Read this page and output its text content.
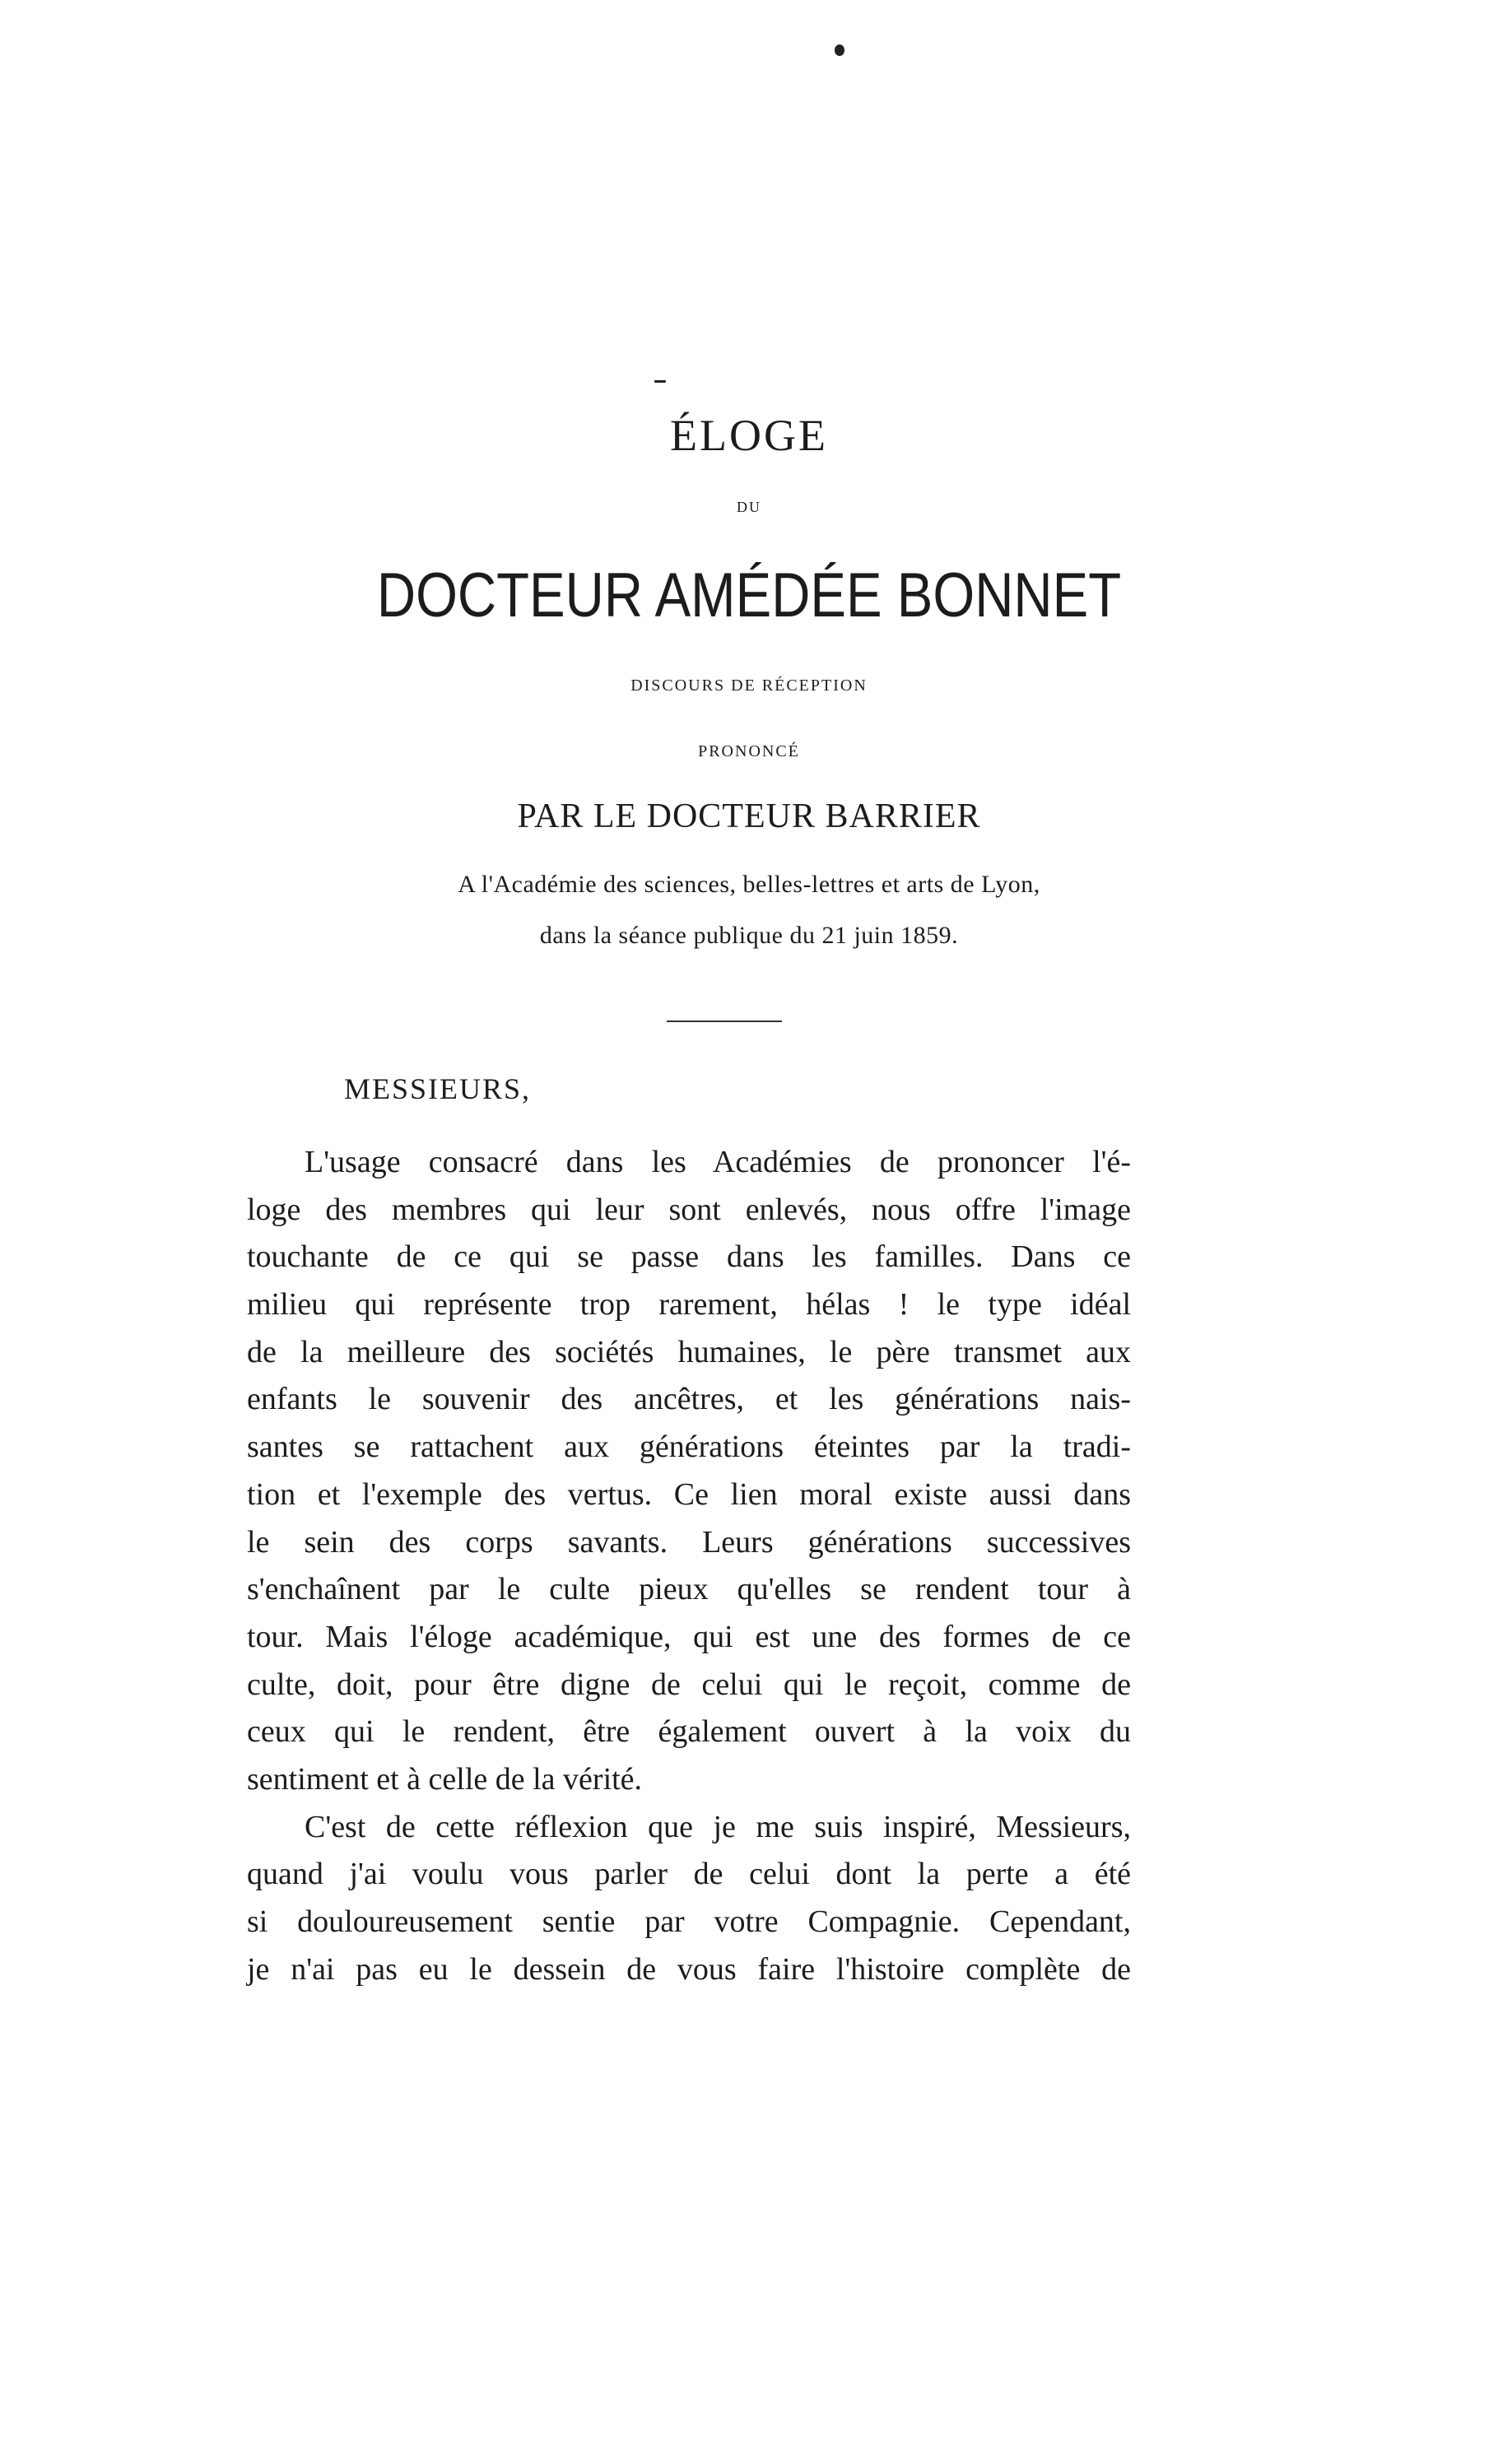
ÉLOGE
DU
DOCTEUR AMÉDÉE BONNET
DISCOURS DE RÉCEPTION
PRONONCÉ
PAR LE DOCTEUR BARRIER
A l'Académie des sciences, belles-lettres et arts de Lyon,
dans la séance publique du 21 juin 1859.
MESSIEURS,
L'usage consacré dans les Académies de prononcer l'é-
loge des membres qui leur sont enlevés, nous offre l'image
touchante de ce qui se passe dans les familles. Dans ce
milieu qui représente trop rarement, hélas ! le type idéal
de la meilleure des sociétés humaines, le père transmet aux
enfants le souvenir des ancêtres, et les générations nais-
santes se rattachent aux générations éteintes par la tradi-
tion et l'exemple des vertus. Ce lien moral existe aussi dans
le sein des corps savants. Leurs générations successives
s'enchaînent par le culte pieux qu'elles se rendent tour à
tour. Mais l'éloge académique, qui est une des formes de ce
culte, doit, pour être digne de celui qui le reçoit, comme de
ceux qui le rendent, être également ouvert à la voix du
sentiment et à celle de la vérité.
C'est de cette réflexion que je me suis inspiré, Messieurs,
quand j'ai voulu vous parler de celui dont la perte a été
si douloureusement sentie par votre Compagnie. Cependant,
je n'ai pas eu le dessein de vous faire l'histoire complète de
